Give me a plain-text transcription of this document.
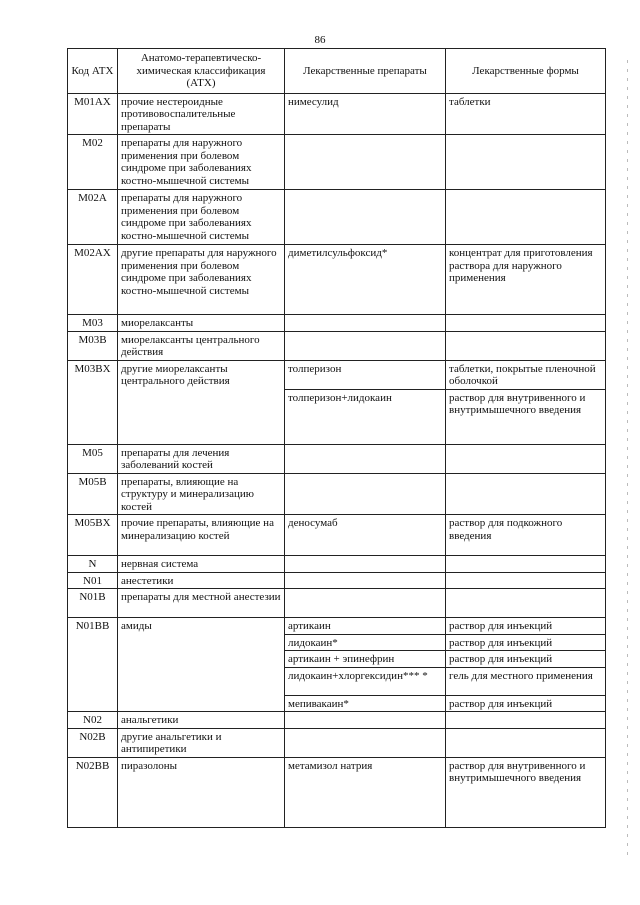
86
Код АТХ	Анатомо-терапевтическо-химическая классификация (АТХ)	Лекарственные препараты	Лекарственные формы
M01AX	прочие нестероидные противовоспалительные препараты	нимесулид	таблетки
M02	препараты для наружного применения при болевом синдроме при заболеваниях костно-мышечной системы		
M02A	препараты для наружного применения при болевом синдроме при заболеваниях костно-мышечной системы		
M02AX	другие препараты для наружного применения при болевом синдроме при заболеваниях костно-мышечной системы	диметилсульфоксид*	концентрат для приготовления раствора для наружного применения
M03	миорелаксанты		
M03B	миорелаксанты центрального действия		
M03BX	другие миорелаксанты центрального действия	толперизон	таблетки, покрытые пленочной оболочкой
		толперизон+лидокаин	раствор для внутривенного и внутримышечного введения
M05	препараты для лечения заболеваний костей		
M05B	препараты, влияющие на структуру и минерализацию костей		
M05BX	прочие препараты, влияющие на минерализацию костей	деносумаб	раствор для подкожного введения
N	нервная система		
N01	анестетики		
N01B	препараты для местной анестезии		
N01BB	амиды	артикаин	раствор для инъекций
		лидокаин*	раствор для инъекций
		артикаин + эпинефрин	раствор для инъекций
		лидокаин+хлоргексидин*** *	гель для местного применения
		мепивакаин*	раствор для инъекций
N02	анальгетики		
N02B	другие анальгетики и антипиретики		
N02BB	пиразолоны	метамизол натрия	раствор для внутривенного и внутримышечного введения
